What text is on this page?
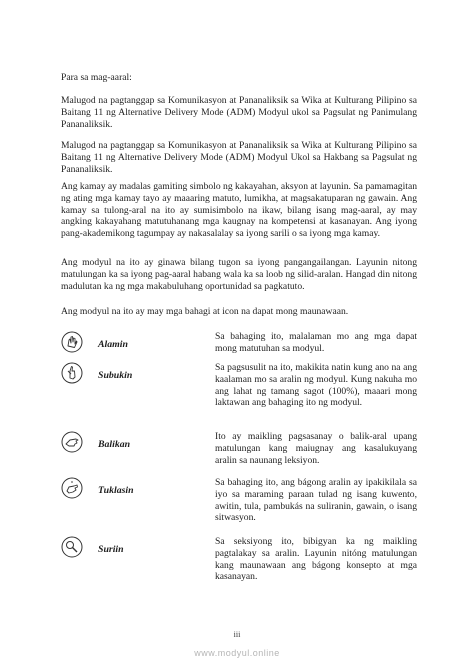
Para sa mag-aaral:

Malugod na pagtanggap sa Komunikasyon at Pananaliksik sa Wika at Kulturang Pilipino sa Baitang 11 ng Alternative Delivery Mode (ADM) Modyul ukol sa Pagsulat ng Panimulang Pananaliksik.

Malugod na pagtanggap sa Komunikasyon at Pananaliksik sa Wika at Kulturang Pilipino sa Baitang 11 ng Alternative Delivery Mode (ADM) Modyul Ukol sa Hakbang sa Pagsulat ng Pananaliksik.

Ang kamay ay madalas gamiting simbolo ng kakayahan, aksyon at layunin. Sa pamamagitan ng ating mga kamay tayo ay maaaring matuto, lumikha, at magsakatuparan ng gawain. Ang kamay sa tulong-aral na ito ay sumisimbolo na ikaw, bilang isang mag-aaral, ay may angking kakayahang matutuhanang mga kaugnay na kompetensi at kasanayan. Ang iyong pang-akademikong tagumpay ay nakasalalay sa iyong sarili o sa iyong mga kamay.

Ang modyul na ito ay ginawa bilang tugon sa iyong pangangailangan. Layunin nitong matulungan ka sa iyong pag-aaral habang wala ka sa loob ng silid-aralan. Hangad din nitong madulutan ka ng mga makabuluhang oportunidad sa pagkatuto.

Ang modyul na ito ay may mga bahagi at icon na dapat mong maunawaan.

Alamin

Sa bahaging ito, malalaman mo ang mga dapat mong matutuhan sa modyul.

Subukin

Sa pagsusulit na ito, makikita natin kung ano na ang kaalaman mo sa aralin ng modyul. Kung nakuha mo ang lahat ng tamang sagot (100%), maaari mong laktawan ang bahaging ito ng modyul.

Balikan

Ito ay maikling pagsasanay o balik-aral upang matulungan kang maiugnay ang kasalukuyang aralin sa naunang leksiyon.

Tuklasin

Sa bahaging ito, ang bágong aralin ay ipakikilala sa iyo sa maraming paraan tulad ng isang kuwento, awitin, tula, pambukás na suliranin, gawain, o isang sitwasyon.

Suriin

Sa seksiyong ito, bibigyan ka ng maikling pagtalakay sa aralin. Layunin nitóng matulungan kang maunawaan ang bágong konsepto at mga kasanayan.

iii
www.modyul.online
